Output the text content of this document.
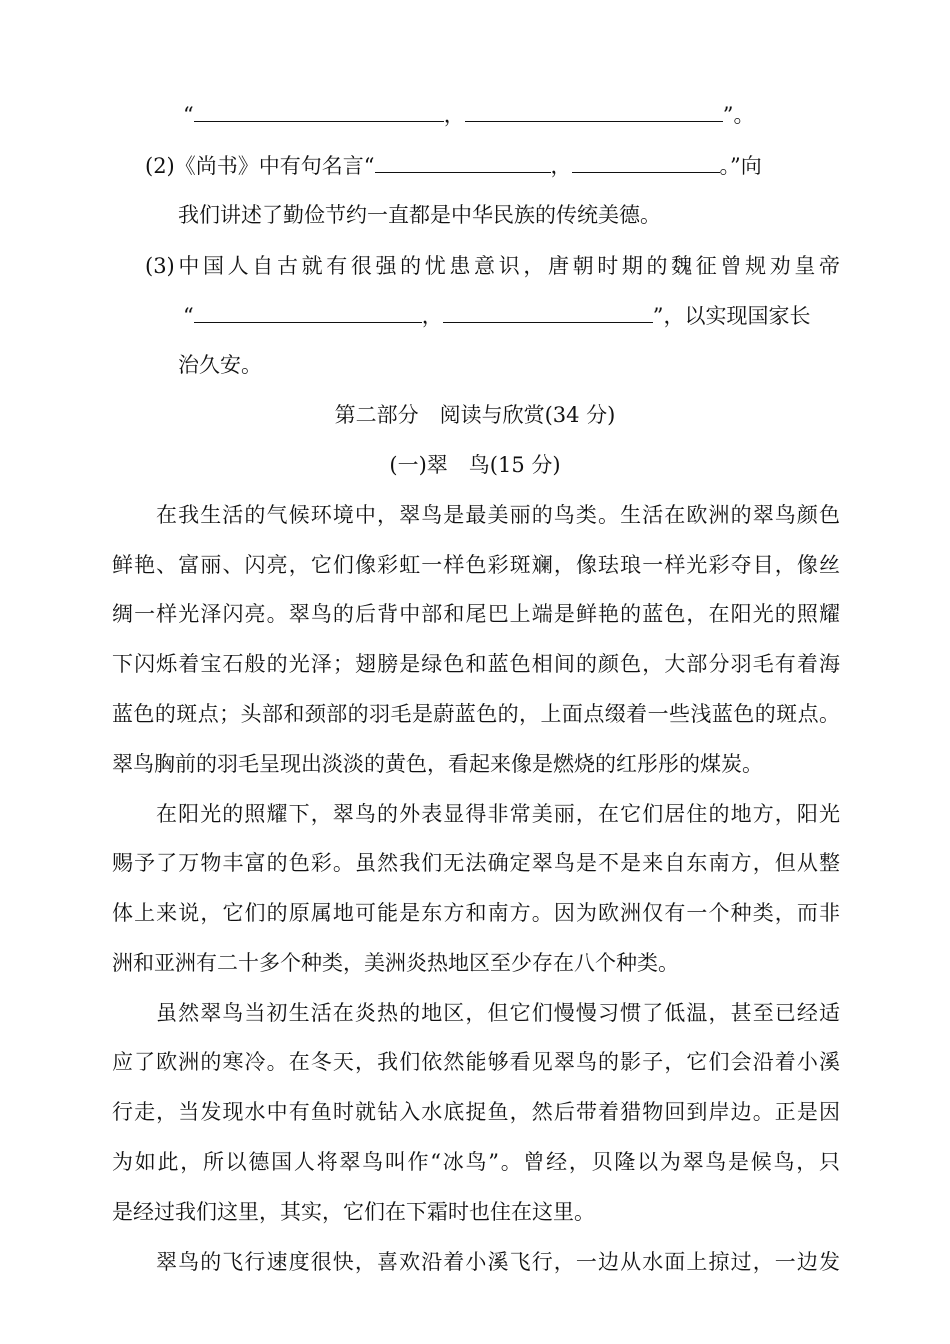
“	，	”。
(2)《尚书》中有句名言“	，	。”向
我们讲述了勤俭节约一直都是中华民族的传统美德。
(3)中国人自古就有很强的忧患意识，唐朝时期的魏征曾规劝皇帝
“	，	”，以实现国家长
治久安。
第二部分　阅读与欣赏(34 分)
(一)翠　鸟(15 分)
在我生活的气候环境中，翠鸟是最美丽的鸟类。生活在欧洲的翠鸟颜色
鲜艳、富丽、闪亮，它们像彩虹一样色彩斑斓，像珐琅一样光彩夺目，像丝
绸一样光泽闪亮。翠鸟的后背中部和尾巴上端是鲜艳的蓝色，在阳光的照耀
下闪烁着宝石般的光泽；翅膀是绿色和蓝色相间的颜色，大部分羽毛有着海
蓝色的斑点；头部和颈部的羽毛是蔚蓝色的，上面点缀着一些浅蓝色的斑点。
翠鸟胸前的羽毛呈现出淡淡的黄色，看起来像是燃烧的红彤彤的煤炭。
在阳光的照耀下，翠鸟的外表显得非常美丽，在它们居住的地方，阳光
赐予了万物丰富的色彩。虽然我们无法确定翠鸟是不是来自东南方，但从整
体上来说，它们的原属地可能是东方和南方。因为欧洲仅有一个种类，而非
洲和亚洲有二十多个种类，美洲炎热地区至少存在八个种类。
虽然翠鸟当初生活在炎热的地区，但它们慢慢习惯了低温，甚至已经适
应了欧洲的寒冷。在冬天，我们依然能够看见翠鸟的影子，它们会沿着小溪
行走，当发现水中有鱼时就钻入水底捉鱼，然后带着猎物回到岸边。正是因
为如此，所以德国人将翠鸟叫作“冰鸟”。曾经，贝隆以为翠鸟是候鸟，只
是经过我们这里，其实，它们在下霜时也住在这里。
翠鸟的飞行速度很快，喜欢沿着小溪飞行，一边从水面上掠过，一边发
